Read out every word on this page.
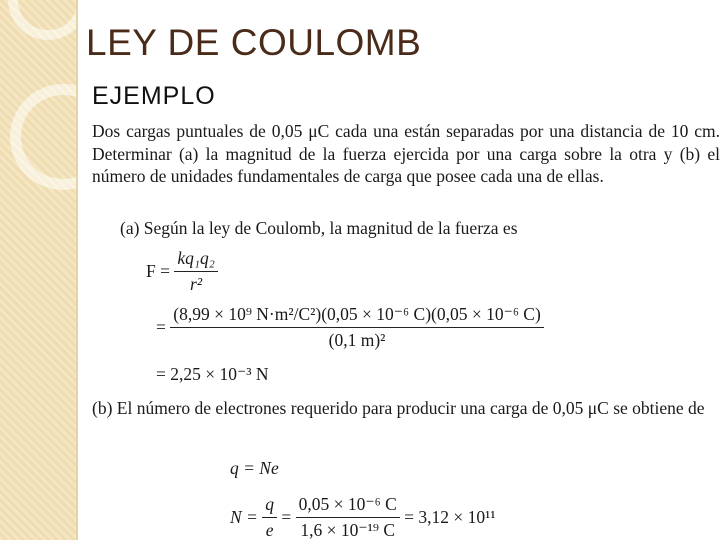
LEY DE COULOMB
EJEMPLO
Dos cargas puntuales de 0,05 μC cada una están separadas por una distancia de 10 cm. Determinar (a) la magnitud de la fuerza ejercida por una carga sobre la otra y (b) el número de unidades fundamentales de carga que posee cada una de ellas.
(a) Según la ley de Coulomb, la magnitud de la fuerza es
$F = \frac{\text{kq₁q₂}}{\text{r²}}$
= $\frac{\text{(8,99 × 10⁹ N·m²/C²)(0,05 × 10⁻⁶ C)(0,05 × 10⁻⁶ C)}}{\text{(0,1 m)²}}$
= 2,25 × 10⁻³ N
(b) El número de electrones requerido para producir una carga de 0,05 μC se obtiene de
q = Ne
$N = \frac{q}{e} = \frac{\text{0,05 × 10⁻⁶ C}}{\text{1,6 × 10⁻¹⁹ C}} = 3,12 \times 10^{11}$
